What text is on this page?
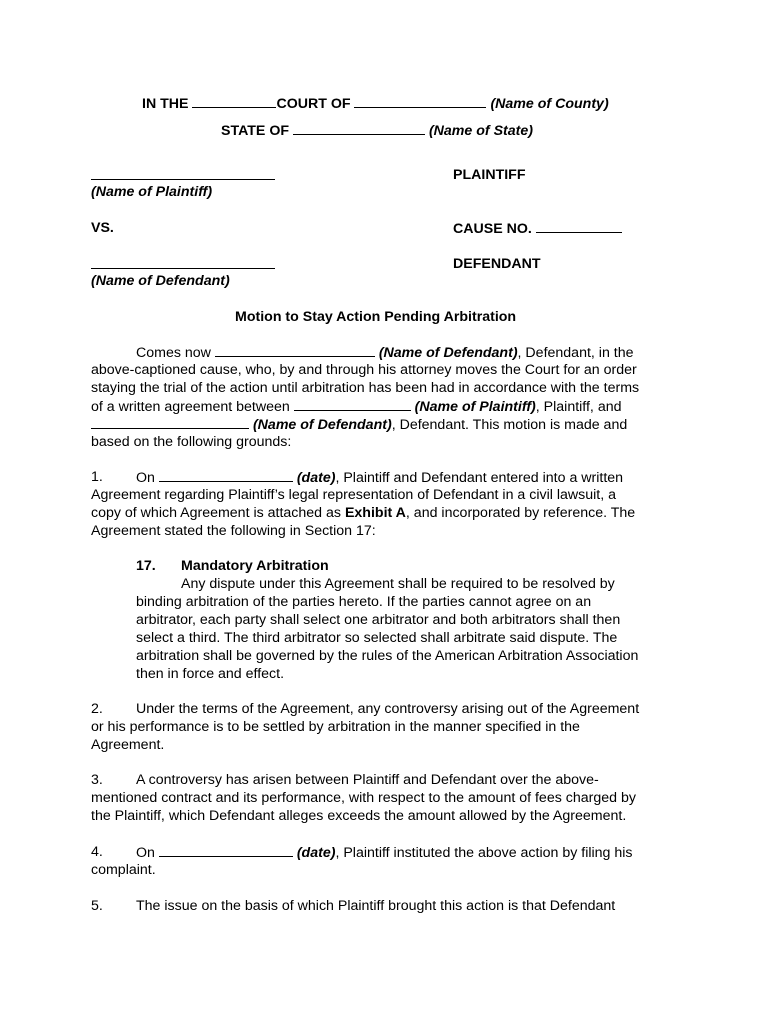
IN THE	COURT OF	(Name of County)
STATE OF	(Name of State)
PLAINTIFF
(Name of Plaintiff)
VS.	CAUSE NO.
DEFENDANT
(Name of Defendant)
Motion to Stay Action Pending Arbitration
Comes now	(Name of Defendant), Defendant, in the
above-captioned cause, who, by and through his attorney moves the Court for an order
staying the trial of the action until arbitration has been had in accordance with the terms
of a written agreement between	(Name of Plaintiff), Plaintiff, and
(Name of Defendant), Defendant. This motion is made and
based on the following grounds:
1. On	(date), Plaintiff and Defendant entered into a written
Agreement regarding Plaintiff’s legal representation of Defendant in a civil lawsuit, a
copy of which Agreement is attached as Exhibit A, and incorporated by reference. The
Agreement stated the following in Section 17:
17. Mandatory Arbitration
Any dispute under this Agreement shall be required to be resolved by
binding arbitration of the parties hereto. If the parties cannot agree on an
arbitrator, each party shall select one arbitrator and both arbitrators shall then
select a third. The third arbitrator so selected shall arbitrate said dispute. The
arbitration shall be governed by the rules of the American Arbitration Association
then in force and effect.
2. Under the terms of the Agreement, any controversy arising out of the Agreement
or his performance is to be settled by arbitration in the manner specified in the
Agreement.
3. A controversy has arisen between Plaintiff and Defendant over the above-
mentioned contract and its performance, with respect to the amount of fees charged by
the Plaintiff, which Defendant alleges exceeds the amount allowed by the Agreement.
4. On	(date), Plaintiff instituted the above action by filing his
complaint.
5. The issue on the basis of which Plaintiff brought this action is that Defendant
